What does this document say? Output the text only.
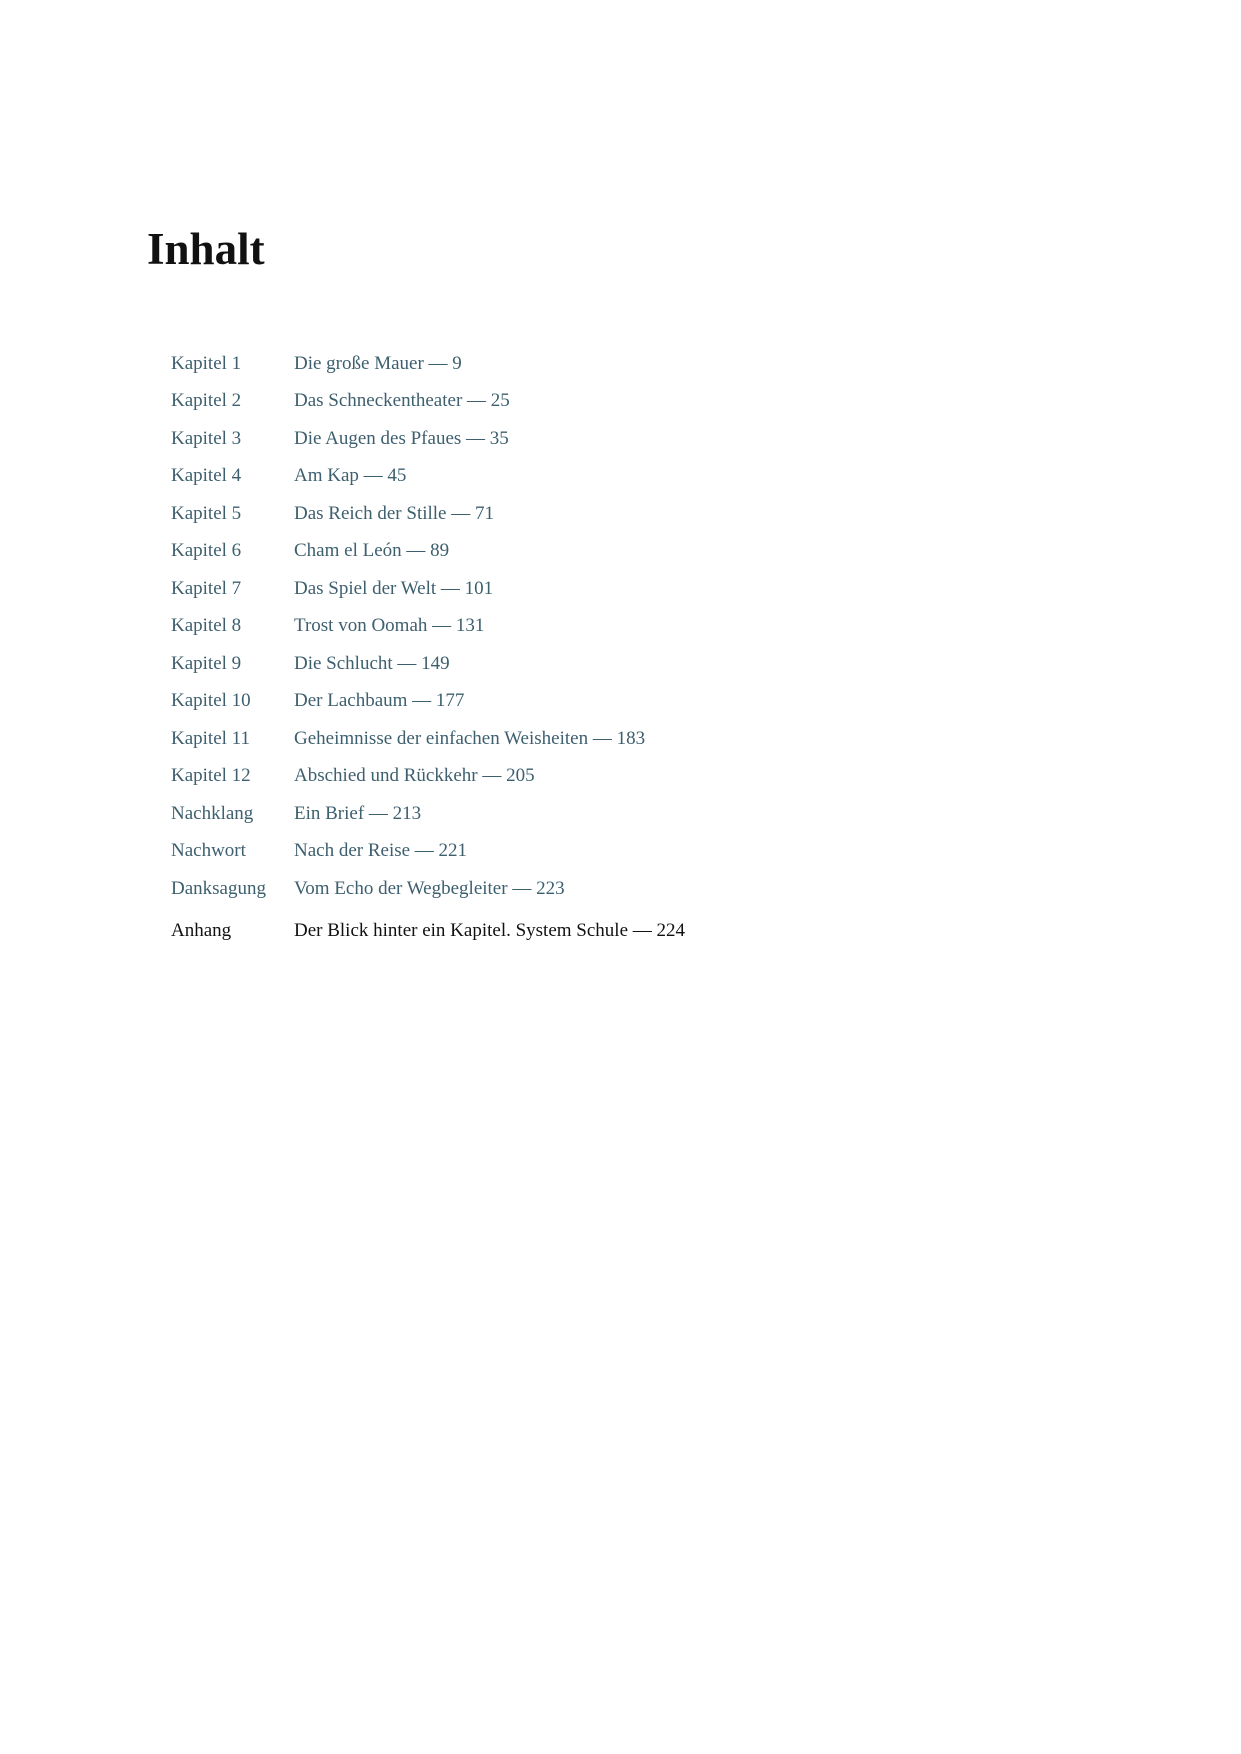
Inhalt
Kapitel 1	Die große Mauer — 9
Kapitel 2	Das Schneckentheater — 25
Kapitel 3	Die Augen des Pfaues — 35
Kapitel 4	Am Kap — 45
Kapitel 5	Das Reich der Stille — 71
Kapitel 6	Cham el León — 89
Kapitel 7	Das Spiel der Welt — 101
Kapitel 8	Trost von Oomah — 131
Kapitel 9	Die Schlucht — 149
Kapitel 10	Der Lachbaum — 177
Kapitel 11	Geheimnisse der einfachen Weisheiten — 183
Kapitel 12	Abschied und Rückkehr — 205
Nachklang	Ein Brief — 213
Nachwort	Nach der Reise — 221
Danksagung	Vom Echo der Wegbegleiter — 223
Anhang	Der Blick hinter ein Kapitel. System Schule — 224
